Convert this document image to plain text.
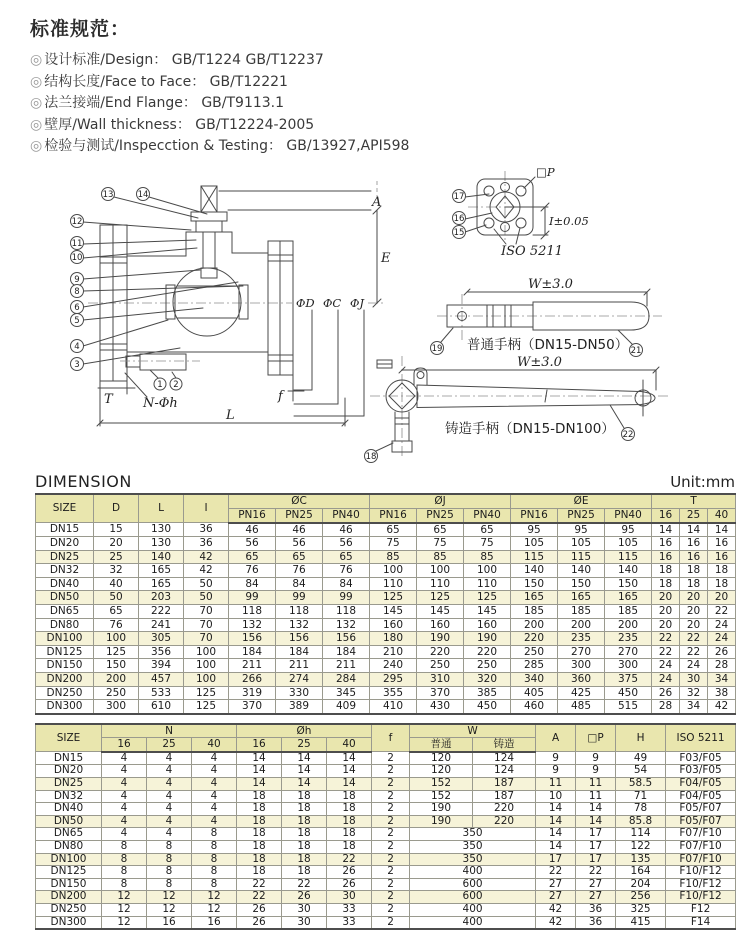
标准规范：
◎ 设计标准/Design： GB/T1224 GB/T12237
◎ 结构长度/Face to Face： GB/T12221
◎ 法兰接端/End Flange： GB/T9113.1
◎ 壁厚/Wall thickness： GB/T12224-2005
◎ 检验与测试/Inspecction & Testing： GB/13927,API598
A
E
ΦD ΦC ΦJ
T N-Φh	f
L
13	14
12
11
10
9
8
6
5
4
3
1 2
□P
I±0.05
ISO 5211
17
16
15
W±3.0
普通手柄（DN15-DN50）
19	21
W±3.0
铸造手柄（DN15-DN100） 22
18
DIMENSION	Unit:mm
SIZE	D	L	I	ØC			ØJ			ØE			T		
				PN16	PN25	PN40	PN16	PN25	PN40	PN16	PN25	PN40	16	25	40
DN15	15	130	36	46	46	46	65	65	65	95	95	95	14	14	14
DN20	20	130	36	56	56	56	75	75	75	105	105	105	16	16	16
DN25	25	140	42	65	65	65	85	85	85	115	115	115	16	16	16
DN32	32	165	42	76	76	76	100	100	100	140	140	140	18	18	18
DN40	40	165	50	84	84	84	110	110	110	150	150	150	18	18	18
DN50	50	203	50	99	99	99	125	125	125	165	165	165	20	20	20
DN65	65	222	70	118	118	118	145	145	145	185	185	185	20	20	22
DN80	76	241	70	132	132	132	160	160	160	200	200	200	20	20	24
DN100	100	305	70	156	156	156	180	190	190	220	235	235	22	22	24
DN125	125	356	100	184	184	184	210	220	220	250	270	270	22	22	26
DN150	150	394	100	211	211	211	240	250	250	285	300	300	24	24	28
DN200	200	457	100	266	274	284	295	310	320	340	360	375	24	30	34
DN250	250	533	125	319	330	345	355	370	385	405	425	450	26	32	38
DN300	300	610	125	370	389	409	410	430	450	460	485	515	28	34	42
SIZE	N			Øh			f	W		A	□P	H	ISO 5211
	16	25	40	16	25	40		普通	铸造				
DN15	4	4	4	14	14	14	2	120	124	9	9	49	F03/F05
DN20	4	4	4	14	14	14	2	120	124	9	9	54	F03/F05
DN25	4	4	4	14	14	14	2	152	187	11	11	58.5	F04/F05
DN32	4	4	4	18	18	18	2	152	187	10	11	71	F04/F05
DN40	4	4	4	18	18	18	2	190	220	14	14	78	F05/F07
DN50	4	4	4	18	18	18	2	190	220	14	14	85.8	F05/F07
DN65	4	4	8	18	18	18	2	350		14	17	114	F07/F10
DN80	8	8	8	18	18	18	2	350		14	17	122	F07/F10
DN100	8	8	8	18	18	22	2	350		17	17	135	F07/F10
DN125	8	8	8	18	18	26	2	400		22	22	164	F10/F12
DN150	8	8	8	22	22	26	2	600		27	27	204	F10/F12
DN200	12	12	12	22	26	30	2	600		27	27	256	F10/F12
DN250	12	12	12	26	30	33	2	400		42	36	325	F12
DN300	12	16	16	26	30	33	2	400		42	36	415	F14
